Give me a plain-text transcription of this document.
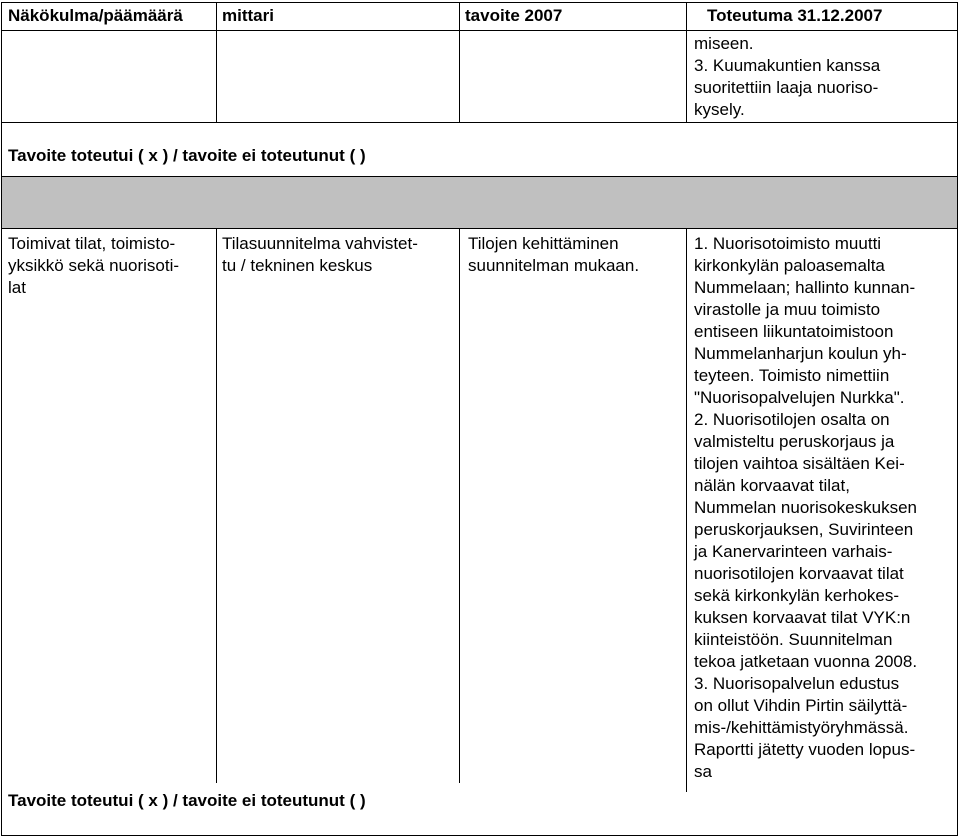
Näkökulma/päämäärä mittari	tavoite 2007	Toteutuma 31.12.2007
miseen.
3. Kuumakuntien kanssa
suoritettiin laaja nuoriso-
kysely.
Tavoite toteutui ( x ) / tavoite ei toteutunut ( )
Toimivat tilat, toimisto-
yksikkö sekä nuorisoti-
lat
Tilasuunnitelma vahvistet-
tu / tekninen keskus
Tilojen kehittäminen
suunnitelman mukaan.
1. Nuorisotoimisto muutti
kirkonkylän paloasemalta
Nummelaan; hallinto kunnan-
virastolle ja muu toimisto
entiseen liikuntatoimistoon
Nummelanharjun koulun yh-
teyteen. Toimisto nimettiin
"Nuorisopalvelujen Nurkka".
2. Nuorisotilojen osalta on
valmisteltu peruskorjaus ja
tilojen vaihtoa sisältäen Kei-
nälän korvaavat tilat,
Nummelan nuorisokeskuksen
peruskorjauksen, Suvirinteen
ja Kanervarinteen varhais-
nuorisotilojen korvaavat tilat
sekä kirkonkylän kerhokes-
kuksen korvaavat tilat VYK:n
kiinteistöön. Suunnitelman
tekoa jatketaan vuonna 2008.
3. Nuorisopalvelun edustus
on ollut Vihdin Pirtin säilyttä-
mis-/kehittämistyöryhmässä.
Raportti jätetty vuoden lopus-
sa
Tavoite toteutui ( x ) / tavoite ei toteutunut ( )
